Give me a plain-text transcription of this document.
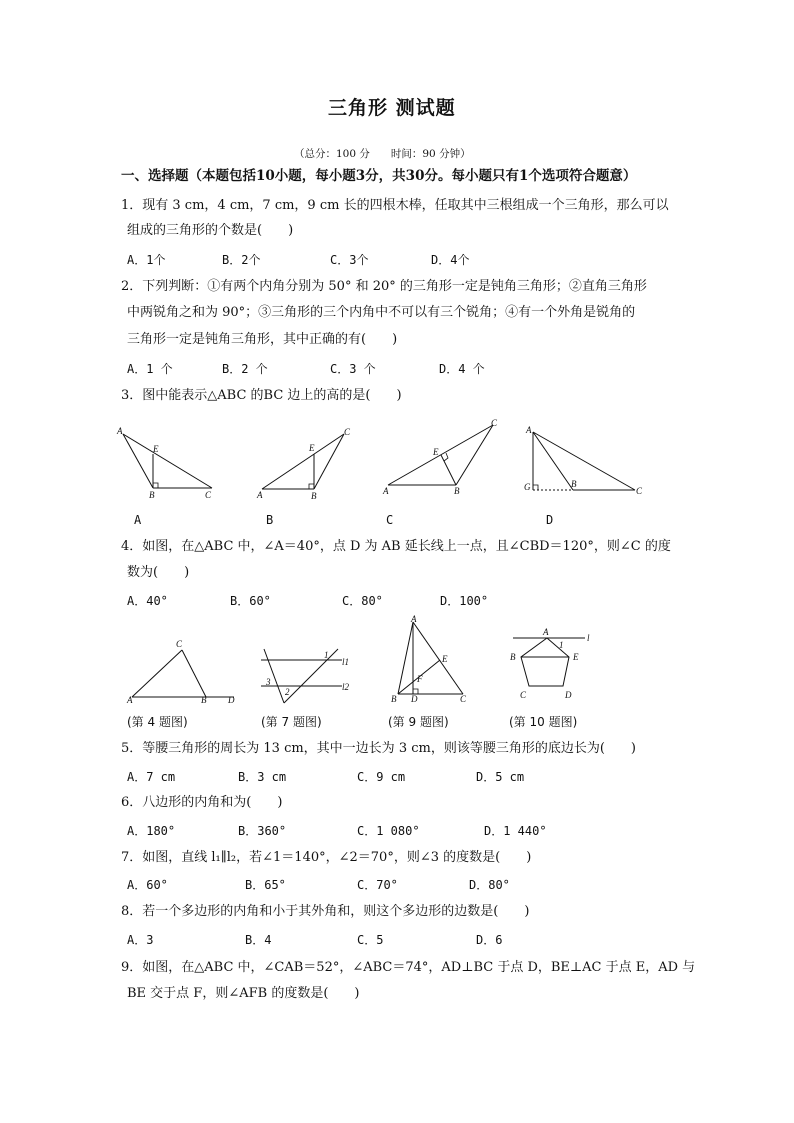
三角形 测试题
（总分：100 分　　时间：90 分钟）
一、选择题（本题包括10小题，每小题3分，共30分。每小题只有1个选项符合题意）
1．现有 3 cm，4 cm，7 cm，9 cm 长的四根木棒，任取其中三根组成一个三角形，那么可以
组成的三角形的个数是(　　)
A．1个	B．2个	C．3个	D．4个
2．下列判断：①有两个内角分别为 50° 和 20° 的三角形一定是钝角三角形；②直角三角形
中两锐角之和为 90°；③三角形的三个内角中不可以有三个锐角；④有一个外角是锐角的
三角形一定是钝角三角形，其中正确的有(　　)
A．1 个	B．2 个	C．3 个	D．4 个
3．图中能表示△ABC 的BC 边上的高的是(　　)
A
E
B	C
A
E
C
A	B
B
C
E
A	B
C
A
G	B
C
D
4．如图，在△ABC 中，∠A＝40°，点 D 为 AB 延长线上一点，且∠CBD＝120°，则∠C 的度
数为(　　)
A．40°	B．60°	C．80°	D．100°
C
A	B D
1
l1
3
2	l2
A
E
F
B D	C
A
l
1
B	E
C	D
(第 4 题图)	(第 7 题图)	(第 9 题图)	(第 10 题图)
5．等腰三角形的周长为 13 cm，其中一边长为 3 cm，则该等腰三角形的底边长为(　　)
A．7 cm	B．3 cm	C．9 cm	D．5 cm
6．八边形的内角和为(　　)
A．180°	B．360°	C．1 080°	D．1 440°
7．如图，直线 l₁∥l₂，若∠1＝140°，∠2＝70°，则∠3 的度数是(　　)
A．60°	B．65°	C．70°	D．80°
8．若一个多边形的内角和小于其外角和，则这个多边形的边数是(　　)
A．3	B．4	C．5	D．6
9．如图，在△ABC 中，∠CAB＝52°，∠ABC＝74°，AD⊥BC 于点 D，BE⊥AC 于点 E，AD 与
BE 交于点 F，则∠AFB 的度数是(　　)
